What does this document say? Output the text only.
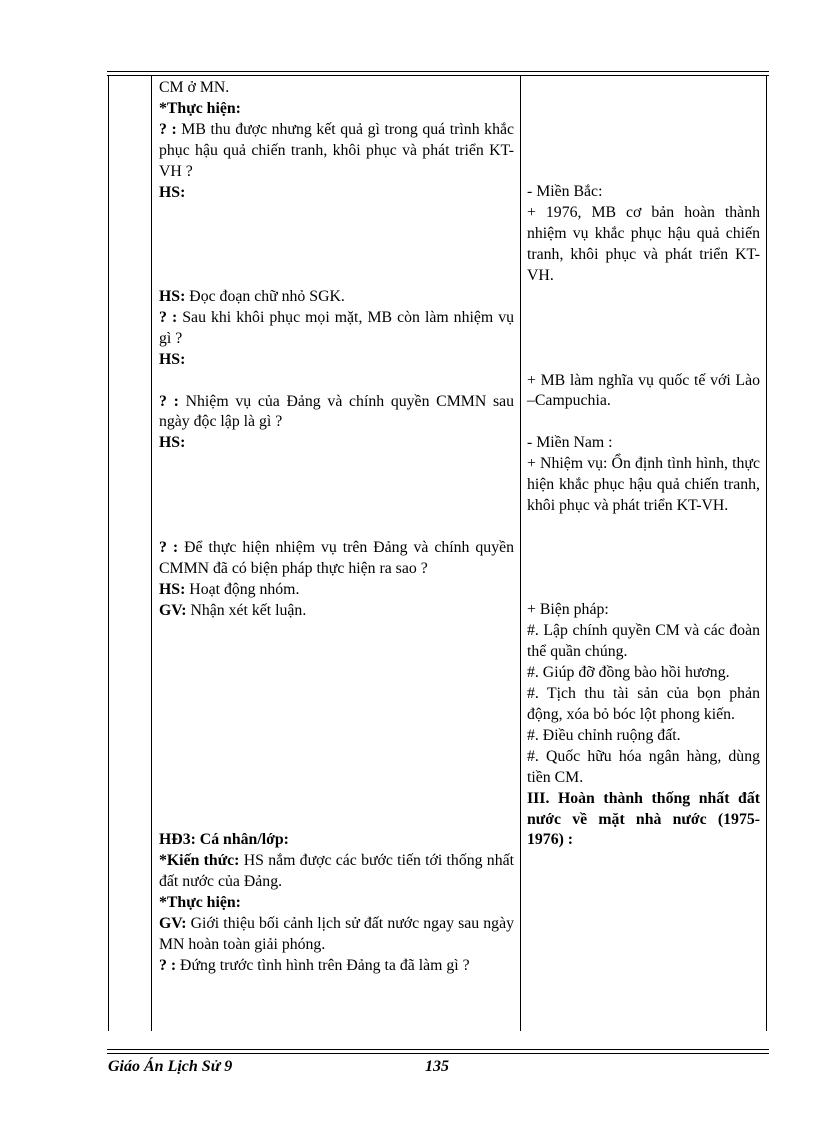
CM ở MN.

*Thực hiện:

? : MB thu được nhưng kết quả gì trong quá trình khắc phục hậu quả chiến tranh, khôi phục và phát triển KT-VH ?

HS:

HS: Đọc đoạn chữ nhỏ SGK.

? : Sau khi khôi phục mọi mặt, MB còn làm nhiệm vụ gì ?

HS:

? : Nhiệm vụ của Đảng và chính quyền CMMN sau ngày độc lập là gì ?

HS:

? : Để thực hiện nhiệm vụ trên Đảng và chính quyền CMMN đã có biện pháp thực hiện ra sao ?

HS: Hoạt động nhóm.

GV: Nhận xét kết luận.

HĐ3: Cá nhân/lớp:

*Kiến thức: HS nắm được các bước tiến tới thống nhất đất nước của Đảng.

*Thực hiện:

GV: Giới thiệu bối cảnh lịch sử đất nước ngay sau ngày MN hoàn toàn giải phóng.

? : Đứng trước tình hình trên Đảng ta đã làm gì ?

- Miền Bắc:

+ 1976, MB cơ bản hoàn thành nhiệm vụ khắc phục hậu quả chiến tranh, khôi phục và phát triển KT-VH.

+ MB làm nghĩa vụ quốc tế với Lào –Campuchia.

- Miền Nam :

+ Nhiệm vụ: Ổn định tình hình, thực hiện khắc phục hậu quả chiến tranh, khôi phục và phát triển KT-VH.

+ Biện pháp:

#. Lập chính quyền CM và các đoàn thể quần chúng.

#. Giúp đỡ đồng bào hồi hương.

#. Tịch thu tài sản của bọn phản động, xóa bỏ bóc lột phong kiến.

#. Điều chỉnh ruộng đất.

#. Quốc hữu hóa ngân hàng, dùng tiền CM.

III. Hoàn thành thống nhất đất nước về mặt nhà nước (1975-1976) :

Giáo Án Lịch Sử 9	135
